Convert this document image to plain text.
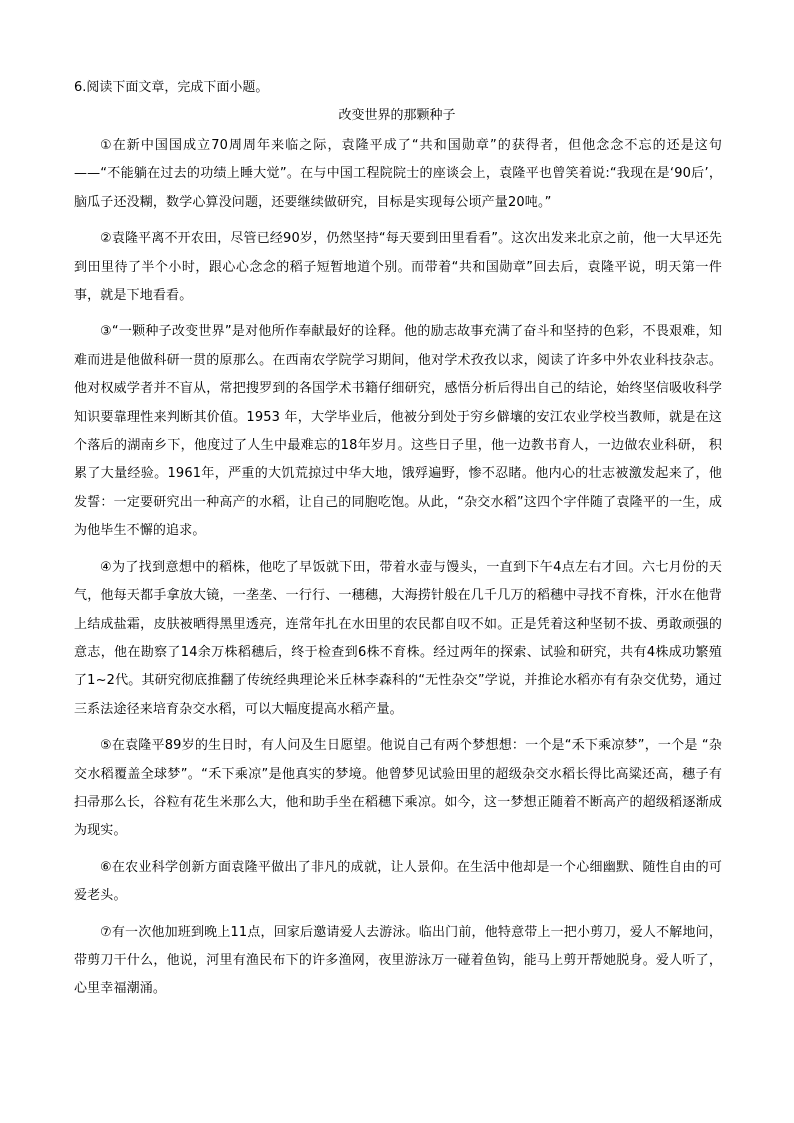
6.阅读下面文章，完成下面小题。
改变世界的那颗种子

①在新中国国成立70周周年来临之际，袁隆平成了“共和国勋章”的获得者，但他念念不忘的还是这句——“不能躺在过去的功绩上睡大觉”。在与中国工程院院士的座谈会上，袁隆平也曾笑着说:“我现在是‘90后’，脑瓜子还没糊，数学心算没问题，还要继续做研究，目标是实现每公顷产量20吨。”

②袁隆平离不开农田，尽管已经90岁，仍然坚持“每天要到田里看看”。这次出发来北京之前，他一大早还先到田里待了半个小时，跟心心念念的稻子短暂地道个别。而带着“共和国勋章”回去后，袁隆平说，明天第一件事，就是下地看看。

③“一颗种子改变世界”是对他所作奉献最好的诠释。他的励志故事充满了奋斗和坚持的色彩，不畏艰难，知难而进是他做科研一贯的原那么。在西南农学院学习期间，他对学术孜孜以求，阅读了许多中外农业科技杂志。他对权威学者并不盲从，常把搜罗到的各国学术书籍仔细研究，感悟分析后得出自己的结论，始终坚信吸收科学知识要靠理性来判断其价值。1953 年，大学毕业后，他被分到处于穷乡僻壤的安江农业学校当教师，就是在这个落后的湖南乡下，他度过了人生中最难忘的18年岁月。这些日子里，他一边教书育人，一边做农业科研， 积累了大量经验。1961年，严重的大饥荒掠过中华大地，饿殍遍野，惨不忍睹。他内心的壮志被激发起来了，他发誓：一定要研究出一种高产的水稻，让自己的同胞吃饱。从此，“杂交水稻”这四个字伴随了袁隆平的一生，成为他毕生不懈的追求。

④为了找到意想中的稻株，他吃了早饭就下田，带着水壶与馒头，一直到下午4点左右才回。六七月份的天气，他每天都手拿放大镜，一垄垄、一行行、一穗穗，大海捞针般在几千几万的稻穗中寻找不育株，汗水在他背上结成盐霜，皮肤被晒得黑里透亮，连常年扎在水田里的农民都自叹不如。正是凭着这种坚韧不拔、勇敢顽强的意志，他在勘察了14余万株稻穗后，终于检查到6株不育株。经过两年的探索、试验和研究，共有4株成功繁殖了1~2代。其研究彻底推翻了传统经典理论米丘林李森科的“无性杂交”学说，并推论水稻亦有有杂交优势，通过三系法途径来培育杂交水稻，可以大幅度提高水稻产量。

⑤在袁隆平89岁的生日时，有人问及生日愿望。他说自己有两个梦想想：一个是“禾下乘凉梦”，一个是 “杂交水稻覆盖全球梦”。“禾下乘凉”是他真实的梦境。他曾梦见试验田里的超级杂交水稻长得比高粱还高，穗子有扫帚那么长，谷粒有花生米那么大，他和助手坐在稻穗下乘凉。如今，这一梦想正随着不断高产的超级稻逐渐成为现实。

⑥在农业科学创新方面袁隆平做出了非凡的成就，让人景仰。在生活中他却是一个心细幽默、随性自由的可爱老头。

⑦有一次他加班到晚上11点，回家后邀请爱人去游泳。临出门前，他特意带上一把小剪刀，爱人不解地问，带剪刀干什么，他说，河里有渔民布下的许多渔网，夜里游泳万一碰着鱼钩，能马上剪开帮她脱身。爱人听了，心里幸福潮涌。
